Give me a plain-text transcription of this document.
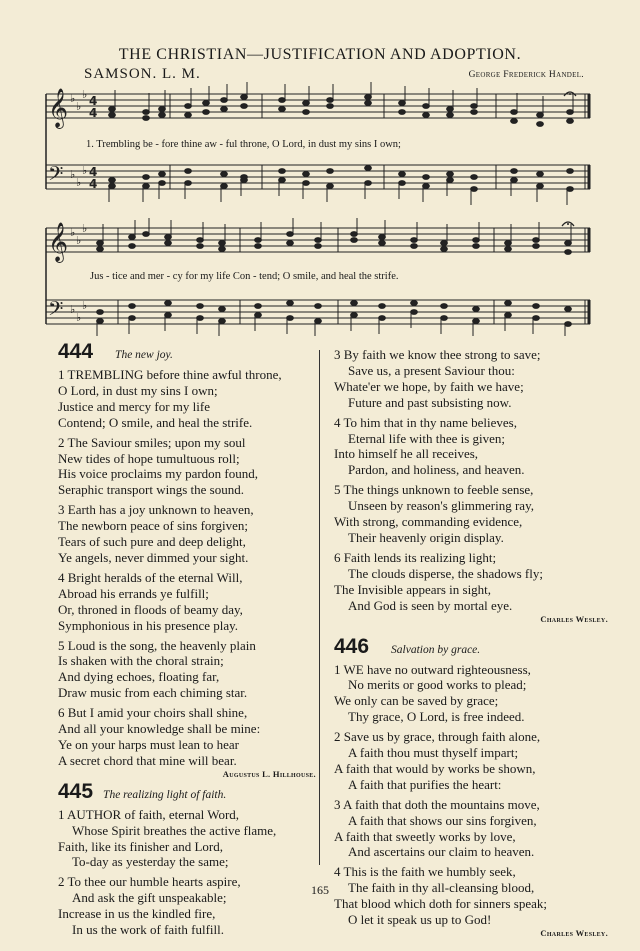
THE CHRISTIAN—JUSTIFICATION AND ADOPTION.
SAMSON. L. M.	George Frederick Handel.
𝄞
𝄢
♭
♭
♭
♭
♭
♭
4
4
4
4
1. Trembling be - fore thine aw - ful throne, O Lord, in dust my sins I own;
𝄞
𝄢
♭
♭
♭
♭
♭
♭
Jus - tice and mer - cy for my life Con - tend; O smile, and heal the strife.
444 The new joy.
1 TREMBLING before thine awful throne,
O Lord, in dust my sins I own;
Justice and mercy for my life
Contend; O smile, and heal the strife.
2 The Saviour smiles; upon my soul
New tides of hope tumultuous roll;
His voice proclaims my pardon found,
Seraphic transport wings the sound.
3 Earth has a joy unknown to heaven,
The newborn peace of sins forgiven;
Tears of such pure and deep delight,
Ye angels, never dimmed your sight.
4 Bright heralds of the eternal Will,
Abroad his errands ye fulfill;
Or, throned in floods of beamy day,
Symphonious in his presence play.
5 Loud is the song, the heavenly plain
Is shaken with the choral strain;
And dying echoes, floating far,
Draw music from each chiming star.
6 But I amid your choirs shall shine,
And all your knowledge shall be mine:
Ye on your harps must lean to hear
A secret chord that mine will bear.
Augustus L. Hillhouse.
445 The realizing light of faith.
1 AUTHOR of faith, eternal Word,
Whose Spirit breathes the active flame,
Faith, like its finisher and Lord,
To-day as yesterday the same;
2 To thee our humble hearts aspire,
And ask the gift unspeakable;
Increase in us the kindled fire,
In us the work of faith fulfill.
3 By faith we know thee strong to save;
Save us, a present Saviour thou:
Whate'er we hope, by faith we have;
Future and past subsisting now.
4 To him that in thy name believes,
Eternal life with thee is given;
Into himself he all receives,
Pardon, and holiness, and heaven.
5 The things unknown to feeble sense,
Unseen by reason's glimmering ray,
With strong, commanding evidence,
Their heavenly origin display.
6 Faith lends its realizing light;
The clouds disperse, the shadows fly;
The Invisible appears in sight,
And God is seen by mortal eye.
Charles Wesley.
446 Salvation by grace.
1 WE have no outward righteousness,
No merits or good works to plead;
We only can be saved by grace;
Thy grace, O Lord, is free indeed.
2 Save us by grace, through faith alone,
A faith thou must thyself impart;
A faith that would by works be shown,
A faith that purifies the heart:
3 A faith that doth the mountains move,
A faith that shows our sins forgiven,
A faith that sweetly works by love,
And ascertains our claim to heaven.
4 This is the faith we humbly seek,
The faith in thy all-cleansing blood,
That blood which doth for sinners speak;
O let it speak us up to God!
Charles Wesley.
165
